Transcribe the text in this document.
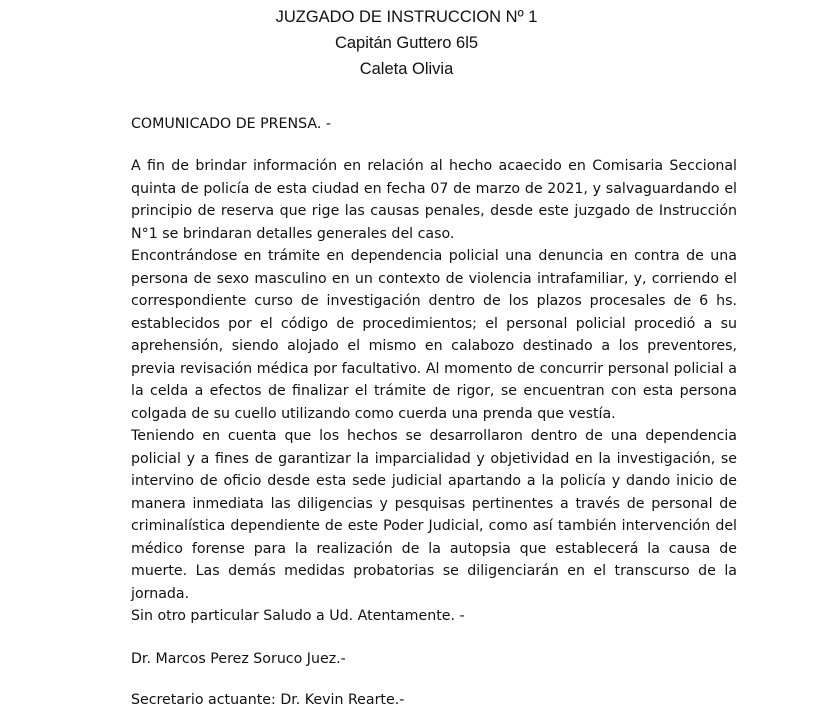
JUZGADO DE INSTRUCCION Nº 1
Capitán Guttero 6l5
Caleta Olivia
COMUNICADO DE PRENSA. -

A fin de brindar información en relación al hecho acaecido en Comisaria Seccional quinta de policía de esta ciudad en fecha 07 de marzo de 2021, y salvaguardando el principio de reserva que rige las causas penales, desde este juzgado de Instrucción N°1 se brindaran detalles generales del caso.

Encontrándose en trámite en dependencia policial una denuncia en contra de una persona de sexo masculino en un contexto de violencia intrafamiliar, y, corriendo el correspondiente curso de investigación dentro de los plazos procesales de 6 hs. establecidos por el código de procedimientos; el personal policial procedió a su aprehensión, siendo alojado el mismo en calabozo destinado a los preventores, previa revisación médica por facultativo. Al momento de concurrir personal policial a la celda a efectos de finalizar el trámite de rigor, se encuentran con esta persona colgada de su cuello utilizando como cuerda una prenda que vestía.

Teniendo en cuenta que los hechos se desarrollaron dentro de una dependencia policial y a fines de garantizar la imparcialidad y objetividad en la investigación, se intervino de oficio desde esta sede judicial apartando a la policía y dando inicio de manera inmediata las diligencias y pesquisas pertinentes a través de personal de criminalística dependiente de este Poder Judicial, como así también intervención del médico forense para la realización de la autopsia que establecerá la causa de muerte. Las demás medidas probatorias se diligenciarán en el transcurso de la jornada.

Sin otro particular Saludo a Ud. Atentamente. -

Dr. Marcos Perez Soruco Juez.-
Secretario actuante: Dr. Kevin Rearte.-
